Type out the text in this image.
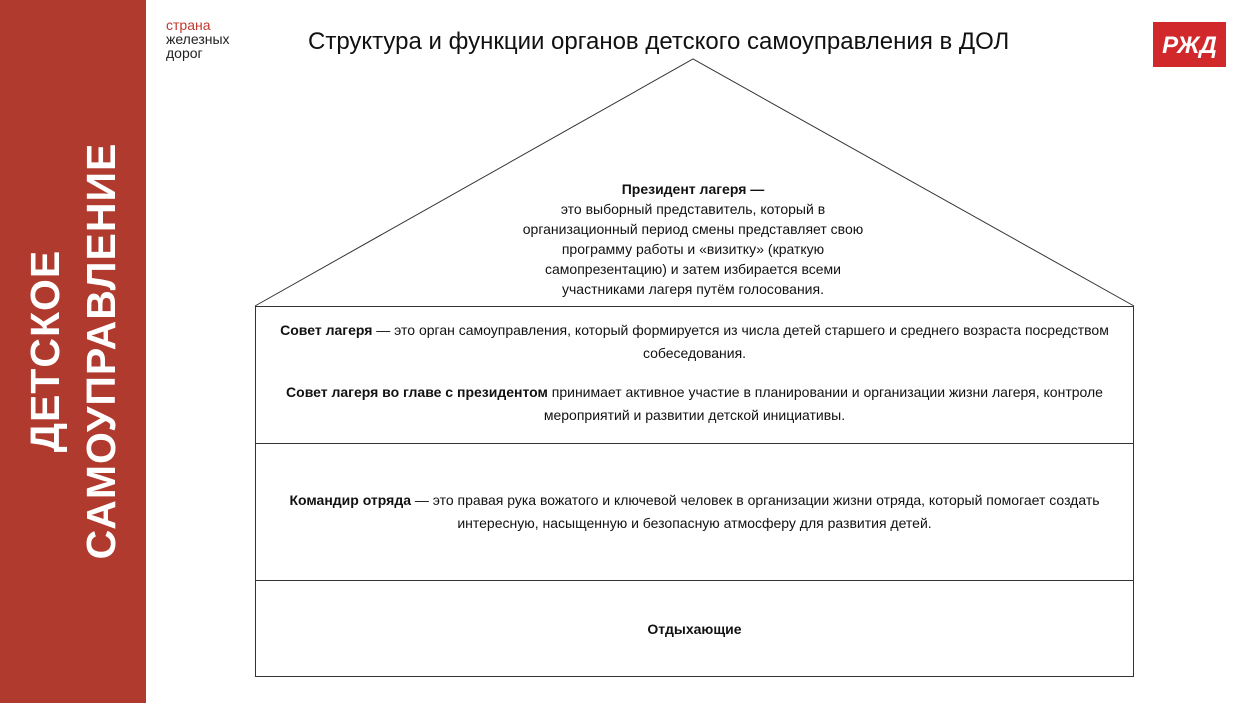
ДЕТСКОЕ САМОУПРАВЛЕНИЕ
страна
железных
дорог	Структура и функции органов детского самоуправления в ДОЛ	РЖД
Президент лагеря —
это выборный представитель, который в
организационный период смены представляет свою
программу работы и «визитку» (краткую
самопрезентацию) и затем избирается всеми
участниками лагеря путём голосования.

Совет лагеря — это орган самоуправления, который формируется из числа детей старшего и среднего возраста посредством собеседования.

Совет лагеря во главе с президентом принимает активное участие в планировании и организации жизни лагеря, контроле мероприятий и развитии детской инициативы.

Командир отряда — это правая рука вожатого и ключевой человек в организации жизни отряда, который помогает создать интересную, насыщенную и безопасную атмосферу для развития детей.
Отдыхающие
